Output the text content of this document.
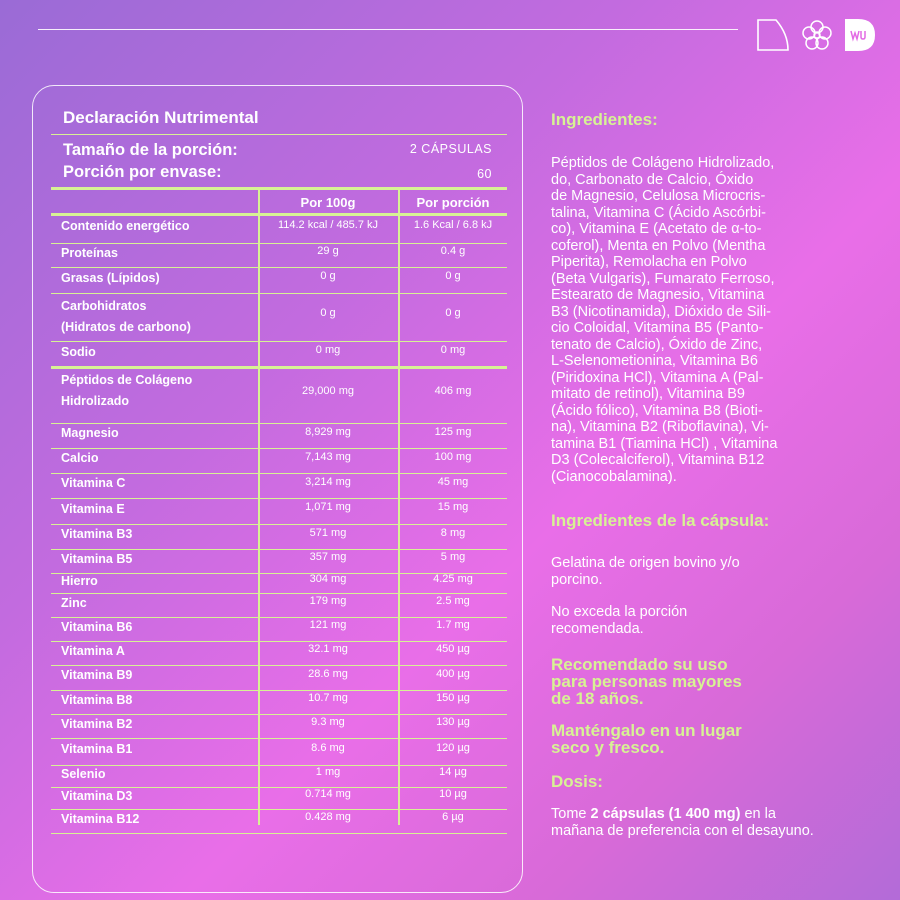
Declaración Nutrimental
Tamaño de la porción:	2 CÁPSULAS
Porción por envase:	60
Por 100g	Por porción
Contenido energético	114.2 kcal / 485.7 kJ	1.6 Kcal / 6.8 kJ
Proteínas	29 g	0.4 g
Grasas (Lípidos)	0 g	0 g
Carbohidratos
(Hidratos de carbono)
0 g	0 g
Sodio	0 mg	0 mg
Péptidos de Colágeno
Hidrolizado
29,000 mg	406 mg
Magnesio	8,929 mg	125 mg
Calcio	7,143 mg	100 mg
Vitamina C	3,214 mg	45 mg
Vitamina E	1,071 mg	15 mg
Vitamina B3	571 mg	8 mg
Vitamina B5	357 mg	5 mg
Hierro	304 mg	4.25 mg
Zinc	179 mg	2.5 mg
Vitamina B6	121 mg	1.7 mg
Vitamina A	32.1 mg	450 µg
Vitamina B9	28.6 mg	400 µg
Vitamina B8	10.7 mg	150 µg
Vitamina B2	9.3 mg	130 µg
Vitamina B1	8.6 mg	120 µg
Selenio	1 mg	14 µg
Vitamina D3	0.714 mg	10 µg
Vitamina B12	0.428 mg	6 µg
Ingredientes:
Péptidos de Colágeno Hidrolizado,
do, Carbonato de Calcio, Óxido
de Magnesio, Celulosa Microcris-
talina, Vitamina C (Ácido Ascórbi-
co), Vitamina E (Acetato de α-to-
coferol), Menta en Polvo (Mentha
Piperita), Remolacha en Polvo
(Beta Vulgaris), Fumarato Ferroso,
Estearato de Magnesio, Vitamina
B3 (Nicotinamida), Dióxido de Sili-
cio Coloidal, Vitamina B5 (Panto-
tenato de Calcio), Óxido de Zinc,
L-Selenometionina, Vitamina B6
(Piridoxina HCl), Vitamina A (Pal-
mitato de retinol), Vitamina B9
(Ácido fólico), Vitamina B8 (Bioti-
na), Vitamina B2 (Riboflavina), Vi-
tamina B1 (Tiamina HCl) , Vitamina
D3 (Colecalciferol), Vitamina B12
(Cianocobalamina).
Ingredientes de la cápsula:
Gelatina de origen bovino y/o
porcino.
No exceda la porción
recomendada.
Recomendado su uso
para personas mayores
de 18 años.
Manténgalo en un lugar
seco y fresco.
Dosis:
Tome 2 cápsulas (1 400 mg) en la
mañana de preferencia con el desayuno.
